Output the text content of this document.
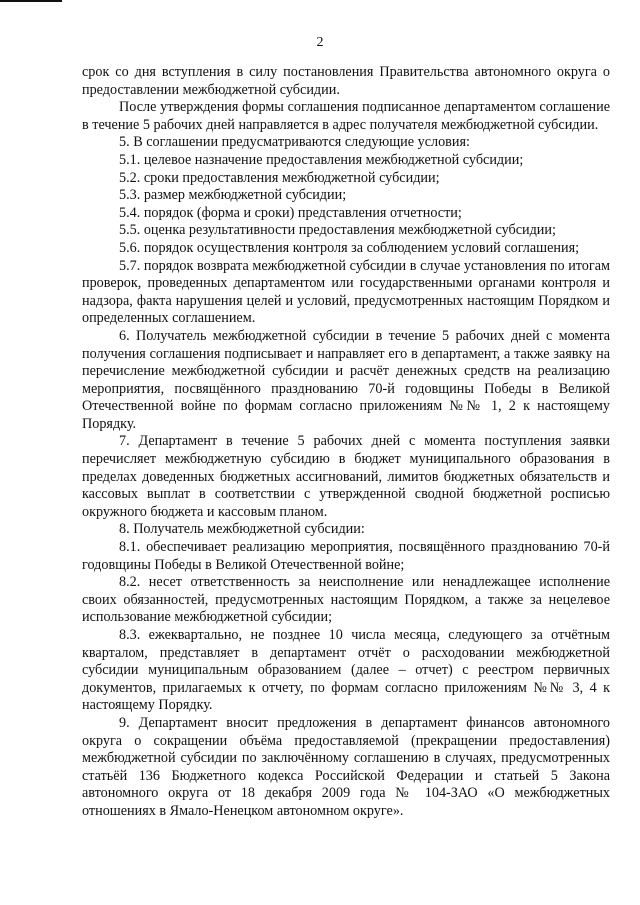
2

срок со дня вступления в силу постановления Правительства автономного округа о предоставлении межбюджетной субсидии.

После утверждения формы соглашения подписанное департаментом соглашение в течение 5 рабочих дней направляется в адрес получателя межбюджетной субсидии.

5. В соглашении предусматриваются следующие условия:

5.1. целевое назначение предоставления межбюджетной субсидии;

5.2. сроки предоставления межбюджетной субсидии;

5.3. размер межбюджетной субсидии;

5.4. порядок (форма и сроки) представления отчетности;

5.5. оценка результативности предоставления межбюджетной субсидии;

5.6. порядок осуществления контроля за соблюдением условий соглашения;

5.7. порядок возврата межбюджетной субсидии в случае установления по итогам проверок, проведенных департаментом или государственными органами контроля и надзора, факта нарушения целей и условий, предусмотренных настоящим Порядком и определенных соглашением.

6. Получатель межбюджетной субсидии в течение 5 рабочих дней с момента получения соглашения подписывает и направляет его в департамент, а также заявку на перечисление межбюджетной субсидии и расчёт денежных средств на реализацию мероприятия, посвящённого празднованию 70-й годовщины Победы в Великой Отечественной войне по формам согласно приложениям №№ 1, 2 к настоящему Порядку.

7. Департамент в течение 5 рабочих дней с момента поступления заявки перечисляет межбюджетную субсидию в бюджет муниципального образования в пределах доведенных бюджетных ассигнований, лимитов бюджетных обязательств и кассовых выплат в соответствии с утвержденной сводной бюджетной росписью окружного бюджета и кассовым планом.

8. Получатель межбюджетной субсидии:

8.1. обеспечивает реализацию мероприятия, посвящённого празднованию 70-й годовщины Победы в Великой Отечественной войне;

8.2. несет ответственность за неисполнение или ненадлежащее исполнение своих обязанностей, предусмотренных настоящим Порядком, а также за нецелевое использование межбюджетной субсидии;

8.3. ежеквартально, не позднее 10 числа месяца, следующего за отчётным кварталом, представляет в департамент отчёт о расходовании межбюджетной субсидии муниципальным образованием (далее – отчет) с реестром первичных документов, прилагаемых к отчету, по формам согласно приложениям №№ 3, 4 к настоящему Порядку.

9. Департамент вносит предложения в департамент финансов автономного округа о сокращении объёма предоставляемой (прекращении предоставления) межбюджетной субсидии по заключённому соглашению в случаях, предусмотренных статьёй 136 Бюджетного кодекса Российской Федерации и статьей 5 Закона автономного округа от 18 декабря 2009 года № 104-ЗАО «О межбюджетных отношениях в Ямало-Ненецком автономном округе».
